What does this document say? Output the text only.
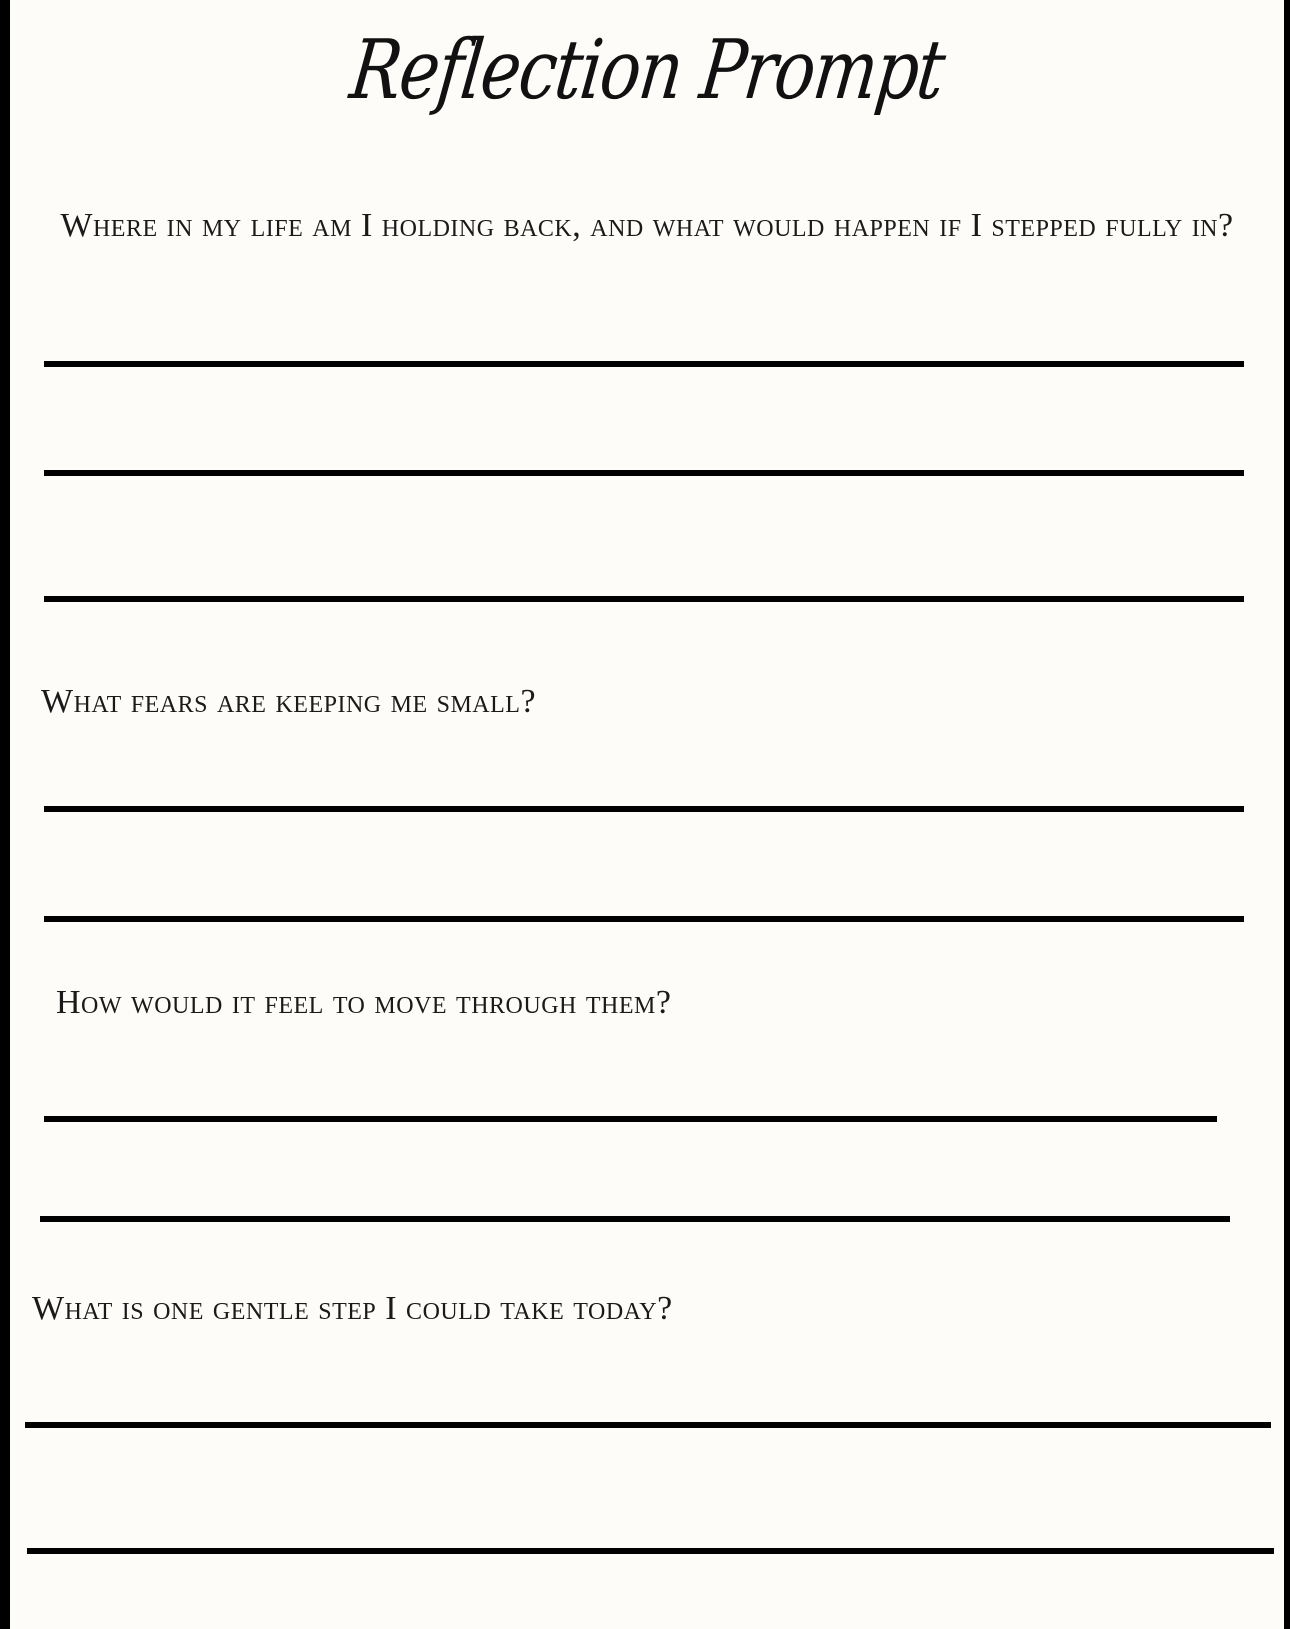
Reflection Prompt
Where in my life am I holding back, and what would happen if I stepped fully in?
What fears are keeping me small?
How would it feel to move through them?
What is one gentle step I could take today?
